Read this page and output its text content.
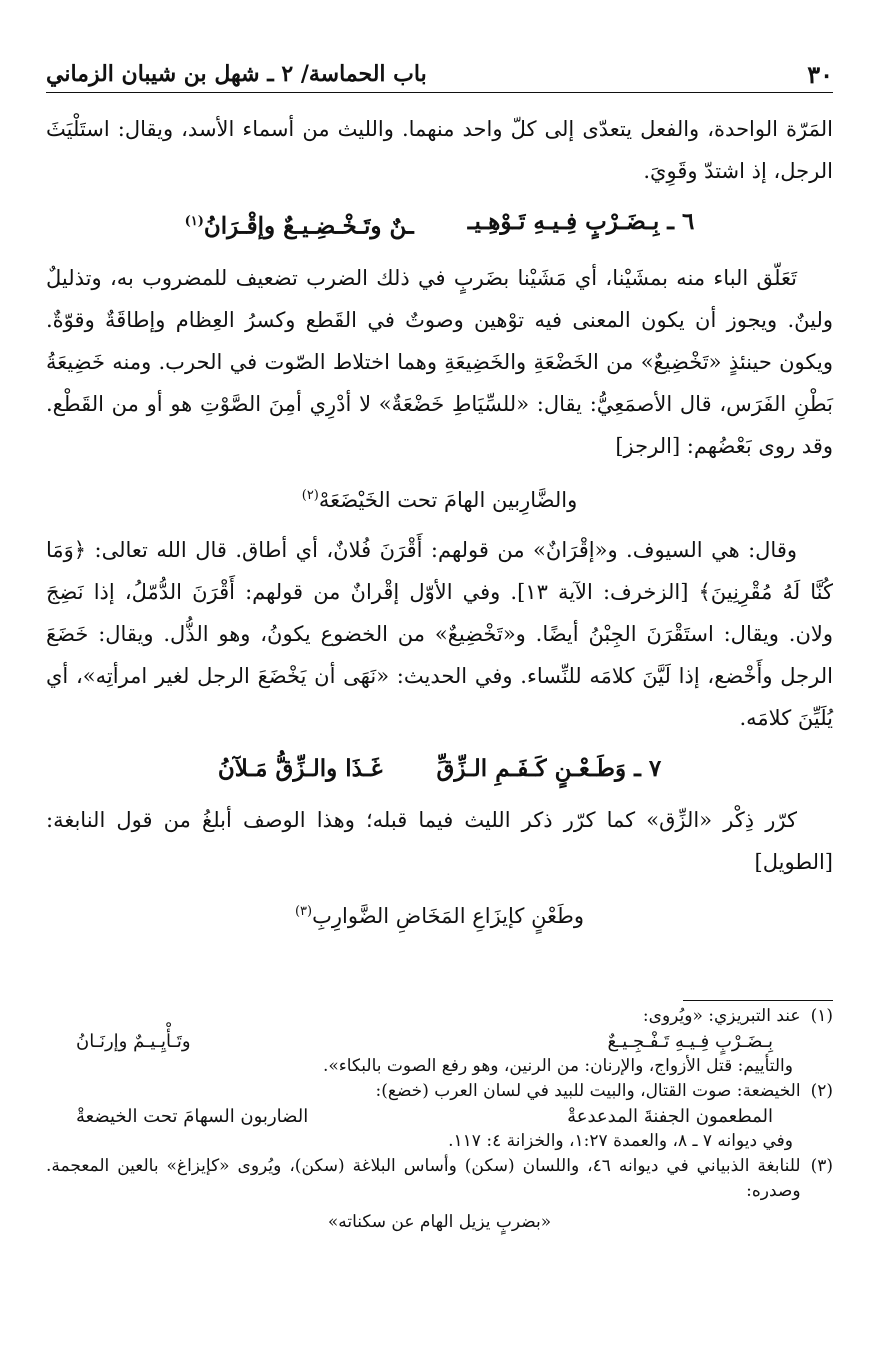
٣٠
باب الحماسة/ ٢ ـ شهل بن شيبان الزماني

المَرّة الواحدة، والفعل يتعدّى إلى كلّ واحد منهما. والليث من أسماء الأسد، ويقال: استَلْيَثَ الرجل، إذ اشتدّ وقَوِيَ.

٦ ـ بِـضَـرْبٍ فِـيـهِ تَـوْهِـيـ
ـنٌ وتَـخْـضِـيـعٌ وإقْـرَانُ$^{(١)}$

تَعَلّق الباء منه بمشَيْنا، أي مَشَيْنا بضَربٍ في ذلك الضرب تضعيف للمضروب به، وتذليلٌ ولينٌ. ويجوز أن يكون المعنى فيه توْهين وصوتٌ في القَطع وكسرُ العِظام وإطاقَةٌ وقوّةٌ. ويكون حينئذٍ «تَخْضِيعٌ» من الخَضْعَةِ والخَضِيعَةِ وهما اختلاط الصّوت في الحرب. ومنه خَضِيعَةُ بَطْنِ الفَرَس، قال الأصمَعِيُّ: يقال: «للسِّيَاطِ خَضْعَةٌ» لا أدْرِي أمِنَ الصَّوْتِ هو أو من القَطْع. وقد روى بَعْضُهم: [الرجز]

والضَّارِبين الهامَ تحت الخَيْضَعَهْ$^{(٢)}$

وقال: هي السيوف. و«إقْرَانٌ» من قولهم: أَقْرَنَ فُلانٌ، أي أطاق. قال الله تعالى: ﴿وَمَا كُنَّا لَهُ مُقْرِنِينَ﴾ [الزخرف: الآية ١٣]. وفي الأوّل إقْرانٌ من قولهم: أَقْرَنَ الدُّمّلُ، إذا نَضِجَ ولان. ويقال: استَقْرَنَ الجِبْنُ أيضًا. و«تَخْضِيعٌ» من الخضوع يكونُ، وهو الذُّل. ويقال: خَضَعَ الرجل وأَخْضع، إذا لَيَّنَ كلامَه للنِّساء. وفي الحديث: «نَهَى أن يَخْضَعَ الرجل لغير امرأتِه»، أي يُلَيِّنَ كلامَه.

٧ ـ وَطَـعْـنٍ كَـفَـمِ الـزِّقِّ
غَـذَا والـزِّقُّ مَـلآنُ

كرّر ذِكْر «الزِّق» كما كرّر ذكر الليث فيما قبله؛ وهذا الوصف أبلغُ من قول النابغة: [الطويل]

وطَعْنٍ كإيزَاعِ المَخَاضِ الضَّوارِبِ$^{(٣)}$
(١)
عند التبريزي: «ويُروى:
بِـضَـرْبٍ فِـيـهِ تَـفْـجِـيـعٌ
وتَـأْيِـيـمٌ وإرنَـانُ
والتأييم: قتل الأزواج، والإرنان: من الرنين، وهو رفع الصوت بالبكاء».
(٢)
الخيضعة: صوت القتال، والبيت للبيد في لسان العرب (خضع):
المطعمون الجفنةَ المدعدعةْ
الضاربون السهامَ تحت الخيضعةْ
وفي ديوانه ٧ ـ ٨، والعمدة ١:٢٧، والخزانة ٤: ١١٧.
(٣)
للنابغة الذبياني في ديوانه ٤٦، واللسان (سكن) وأساس البلاغة (سكن)، ويُروى «كإيزاغ» بالعين المعجمة. وصدره:
«بضربٍ يزيل الهام عن سكناته»
